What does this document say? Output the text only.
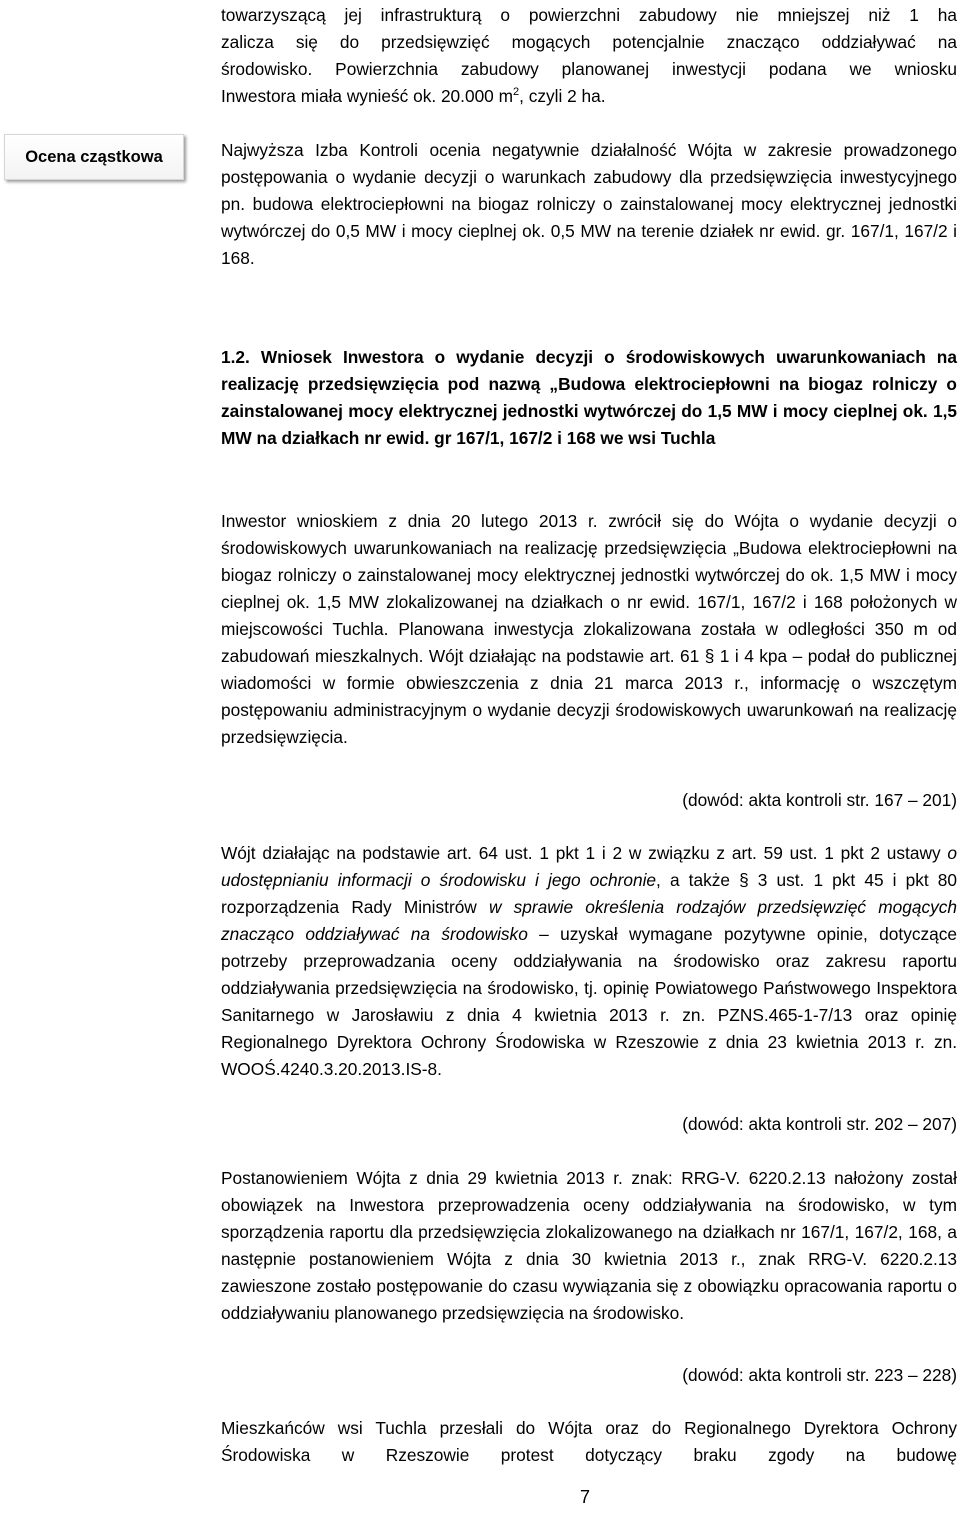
towarzyszącą jej infrastrukturą o powierzchni zabudowy nie mniejszej niż 1 ha
zalicza się do przedsięwzięć mogących potencjalnie znacząco oddziaływać na
środowisko. Powierzchnia zabudowy planowanej inwestycji podana we wniosku
Inwestora miała wynieść ok. 20.000 $m^2$, czyli 2 ha.
Ocena cząstkowa	Najwyższa Izba Kontroli ocenia negatywnie działalność Wójta w zakresie prowadzonego postępowania o wydanie decyzji o warunkach zabudowy dla przedsięwzięcia inwestycyjnego pn. budowa elektrociepłowni na biogaz rolniczy o zainstalowanej mocy elektrycznej jednostki wytwórczej do 0,5 MW i mocy cieplnej ok. 0,5 MW na terenie działek nr ewid. gr. 167/1, 167/2 i 168.
1.2. Wniosek Inwestora o wydanie decyzji o środowiskowych uwarunkowaniach na realizację przedsięwzięcia pod nazwą „Budowa elektrociepłowni na biogaz rolniczy o zainstalowanej mocy elektrycznej jednostki wytwórczej do 1,5 MW i mocy cieplnej ok. 1,5 MW na działkach nr ewid. gr 167/1, 167/2 i 168 we wsi Tuchla
Inwestor wnioskiem z dnia 20 lutego 2013 r. zwrócił się do Wójta o wydanie decyzji o środowiskowych uwarunkowaniach na realizację przedsięwzięcia „Budowa elektrociepłowni na biogaz rolniczy o zainstalowanej mocy elektrycznej jednostki wytwórczej do ok. 1,5 MW i mocy cieplnej ok. 1,5 MW zlokalizowanej na działkach o nr ewid. 167/1, 167/2 i 168 położonych w miejscowości Tuchla. Planowana inwestycja zlokalizowana została w odległości 350 m od zabudowań mieszkalnych. Wójt działając na podstawie art. 61 § 1 i 4 kpa – podał do publicznej wiadomości w formie obwieszczenia z dnia 21 marca 2013 r., informację o wszczętym postępowaniu administracyjnym o wydanie decyzji środowiskowych uwarunkowań na realizację przedsięwzięcia.
(dowód: akta kontroli str. 167 – 201)
Wójt działając na podstawie art. 64 ust. 1 pkt 1 i 2 w związku z art. 59 ust. 1 pkt 2 ustawy o udostępnianiu informacji o środowisku i jego ochronie, a także § 3 ust. 1 pkt 45 i pkt 80 rozporządzenia Rady Ministrów w sprawie określenia rodzajów przedsięwzięć mogących znacząco oddziaływać na środowisko – uzyskał wymagane pozytywne opinie, dotyczące potrzeby przeprowadzania oceny oddziaływania na środowisko oraz zakresu raportu oddziaływania przedsięwzięcia na środowisko, tj. opinię Powiatowego Państwowego Inspektora Sanitarnego w Jarosławiu z dnia 4 kwietnia 2013 r. zn. PZNS.465-1-7/13 oraz opinię Regionalnego Dyrektora Ochrony Środowiska w Rzeszowie z dnia 23 kwietnia 2013 r. zn. WOOŚ.4240.3.20.2013.IS-8.
(dowód: akta kontroli str. 202 – 207)
Postanowieniem Wójta z dnia 29 kwietnia 2013 r. znak: RRG-V. 6220.2.13 nałożony został obowiązek na Inwestora przeprowadzenia oceny oddziaływania na środowisko, w tym sporządzenia raportu dla przedsięwzięcia zlokalizowanego na działkach nr 167/1, 167/2, 168, a następnie postanowieniem Wójta z dnia 30 kwietnia 2013 r., znak RRG-V. 6220.2.13 zawieszone zostało postępowanie do czasu wywiązania się z obowiązku opracowania raportu o oddziaływaniu planowanego przedsięwzięcia na środowisko.
(dowód: akta kontroli str. 223 – 228)
Mieszkańców wsi Tuchla przesłali do Wójta oraz do Regionalnego Dyrektora Ochrony Środowiska w Rzeszowie protest dotyczący braku zgody na budowę
7
